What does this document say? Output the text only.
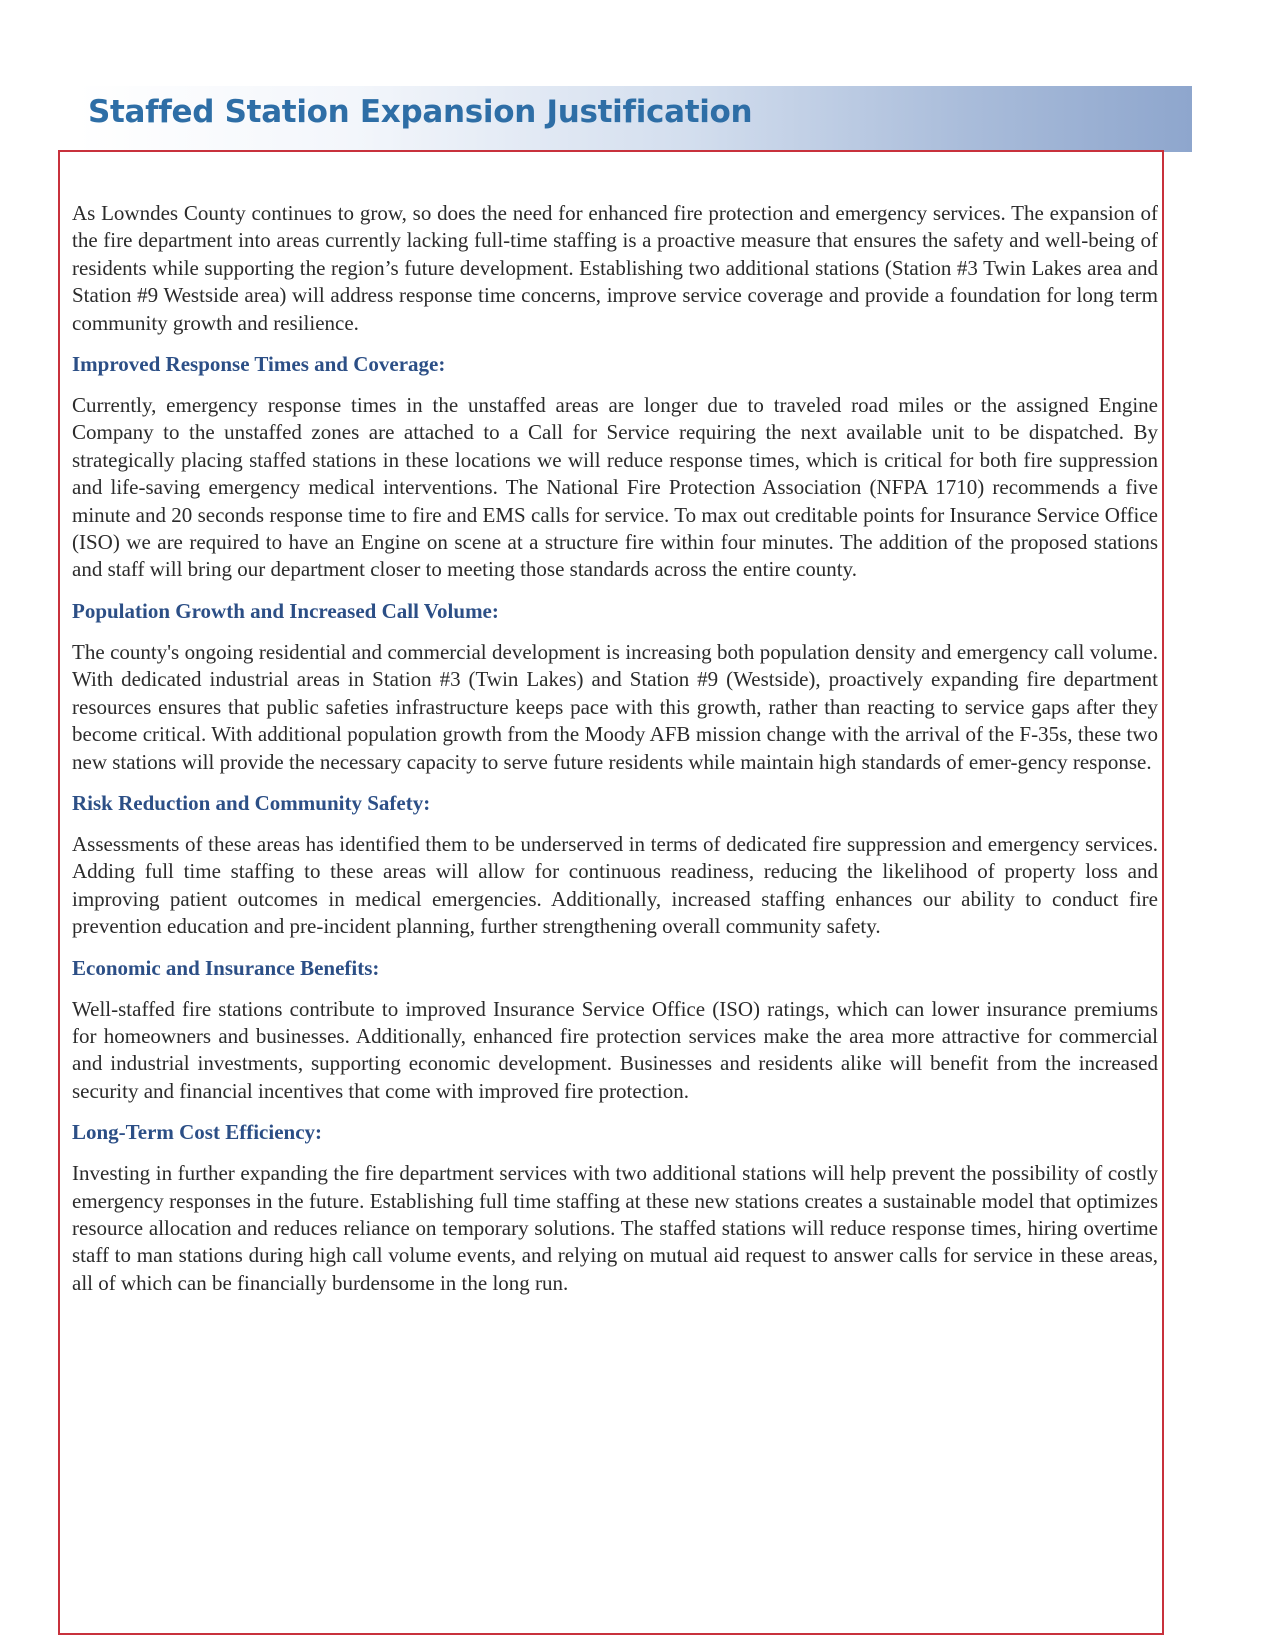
Staffed Station Expansion Justification

As Lowndes County continues to grow, so does the need for enhanced fire protection and emergency services. The expansion of the fire department into areas currently lacking full-time staffing is a proactive measure that ensures the safety and well-being of residents while supporting the region’s future development. Establishing two additional stations (Station #3 Twin Lakes area and Station #9 Westside area) will address response time concerns, improve service coverage and provide a foundation for long term community growth and resilience.

Improved Response Times and Coverage:

Currently, emergency response times in the unstaffed areas are longer due to traveled road miles or the assigned Engine Company to the unstaffed zones are attached to a Call for Service requiring the next available unit to be dispatched. By strategically placing staffed stations in these locations we will reduce response times, which is critical for both fire suppression and life-saving emergency medical interventions. The National Fire Protection Association (NFPA 1710) recommends a five minute and 20 seconds response time to fire and EMS calls for service. To max out creditable points for Insurance Service Office (ISO) we are required to have an Engine on scene at a structure fire within four minutes. The addition of the proposed stations and staff will bring our department closer to meeting those standards across the entire county.

Population Growth and Increased Call Volume:

The county's ongoing residential and commercial development is increasing both population density and emergency call volume. With dedicated industrial areas in Station #3 (Twin Lakes) and Station #9 (Westside), proactively expanding fire department resources ensures that public safeties infrastructure keeps pace with this growth, rather than reacting to service gaps after they become critical. With additional population growth from the Moody AFB mission change with the arrival of the F-35s, these two new stations will provide the necessary capacity to serve future residents while maintain high standards of emer-gency response.

Risk Reduction and Community Safety:

Assessments of these areas has identified them to be underserved in terms of dedicated fire suppression and emergency services. Adding full time staffing to these areas will allow for continuous readiness, reducing the likelihood of property loss and improving patient outcomes in medical emergencies. Additionally, increased staffing enhances our ability to conduct fire prevention education and pre-incident planning, further strengthening overall community safety.

Economic and Insurance Benefits:

Well-staffed fire stations contribute to improved Insurance Service Office (ISO) ratings, which can lower insurance premiums for homeowners and businesses. Additionally, enhanced fire protection services make the area more attractive for commercial and industrial investments, supporting economic development. Businesses and residents alike will benefit from the increased security and financial incentives that come with improved fire protection.

Long-Term Cost Efficiency:

Investing in further expanding the fire department services with two additional stations will help prevent the possibility of costly emergency responses in the future. Establishing full time staffing at these new stations creates a sustainable model that optimizes resource allocation and reduces reliance on temporary solutions. The staffed stations will reduce response times, hiring overtime staff to man stations during high call volume events, and relying on mutual aid request to answer calls for service in these areas, all of which can be financially burdensome in the long run.
